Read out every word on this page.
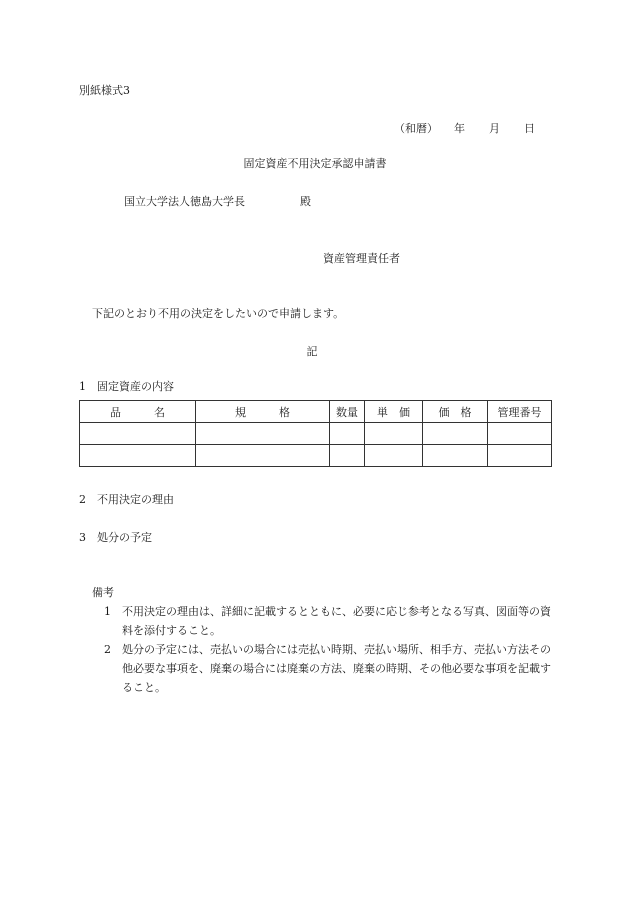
別紙様式3
（和暦） 年 月 日
固定資産不用決定承認申請書
国立大学法人徳島大学長	殿
資産管理責任者
下記のとおり不用の決定をしたいので申請します。
記
1 固定資産の内容
品　　　名	規　　　格	数量	単　価	価　格	管理番号

2 不用決定の理由
3 処分の予定
備考
1	不用決定の理由は、詳細に記載するとともに、必要に応じ参考となる写真、図面等の資料を添付すること。
2	処分の予定には、売払いの場合には売払い時期、売払い場所、相手方、売払い方法その他必要な事項を、廃棄の場合には廃棄の方法、廃棄の時期、その他必要な事項を記載すること。
